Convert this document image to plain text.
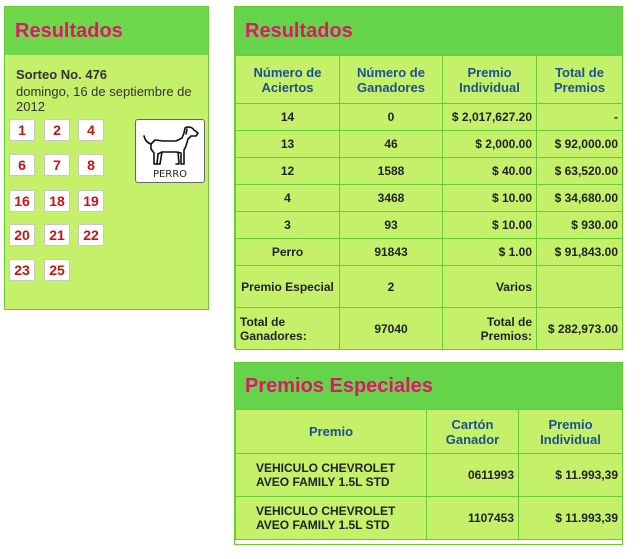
Resultados
Sorteo No. 476
domingo, 16 de septiembre de 2012
1	2	4
6	7	8
16	18	19
20	21	22
23	25
PERRO
Resultados
Número de Aciertos	Número de Ganadores	Premio Individual	Total de Premios
14	0	$ 2,017,627.20	-
13	46	$ 2,000.00	$ 92,000.00
12	1588	$ 40.00	$ 63,520.00
4	3468	$ 10.00	$ 34,680.00
3	93	$ 10.00	$ 930.00
Perro	91843	$ 1.00	$ 91,843.00
Premio Especial	2	Varios	
Total de Ganadores:	97040	Total de Premios:	$ 282,973.00
Premios Especiales
Premio	Cartón Ganador	Premio Individual
VEHICULO CHEVROLET AVEO FAMILY 1.5L STD	0611993	$ 11.993,39
VEHICULO CHEVROLET AVEO FAMILY 1.5L STD	1107453	$ 11.993,39
